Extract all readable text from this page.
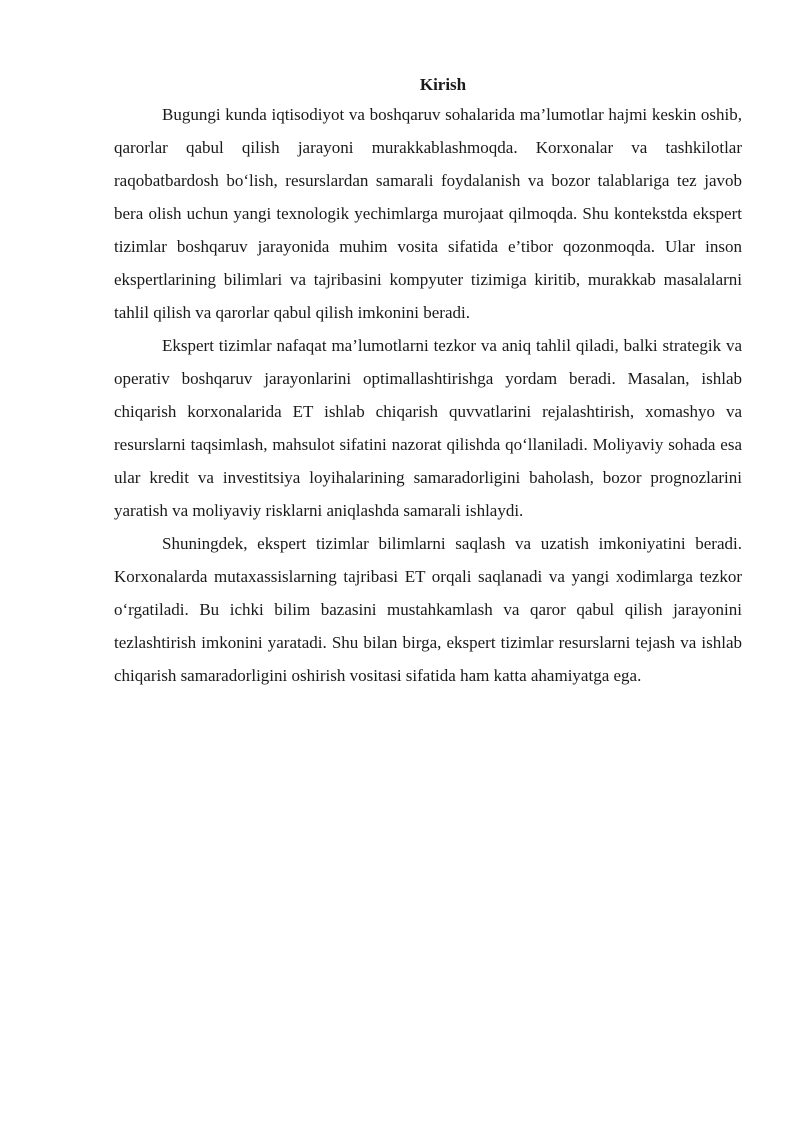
Kirish

Bugungi kunda iqtisodiyot va boshqaruv sohalarida ma’lumotlar hajmi keskin oshib, qarorlar qabul qilish jarayoni murakkablashmoqda. Korxonalar va tashkilotlar raqobatbardosh bo‘lish, resurslardan samarali foydalanish va bozor talablariga tez javob bera olish uchun yangi texnologik yechimlarga murojaat qilmoqda. Shu kontekstda ekspert tizimlar boshqaruv jarayonida muhim vosita sifatida e’tibor qozonmoqda. Ular inson ekspertlarining bilimlari va tajribasini kompyuter tizimiga kiritib, murakkab masalalarni tahlil qilish va qarorlar qabul qilish imkonini beradi.

Ekspert tizimlar nafaqat ma’lumotlarni tezkor va aniq tahlil qiladi, balki strategik va operativ boshqaruv jarayonlarini optimallashtirishga yordam beradi. Masalan, ishlab chiqarish korxonalarida ET ishlab chiqarish quvvatlarini rejalashtirish, xomashyo va resurslarni taqsimlash, mahsulot sifatini nazorat qilishda qo‘llaniladi. Moliyaviy sohada esa ular kredit va investitsiya loyihalarining samaradorligini baholash, bozor prognozlarini yaratish va moliyaviy risklarni aniqlashda samarali ishlaydi.

Shuningdek, ekspert tizimlar bilimlarni saqlash va uzatish imkoniyatini beradi. Korxonalarda mutaxassislarning tajribasi ET orqali saqlanadi va yangi xodimlarga tezkor o‘rgatiladi. Bu ichki bilim bazasini mustahkamlash va qaror qabul qilish jarayonini tezlashtirish imkonini yaratadi. Shu bilan birga, ekspert tizimlar resurslarni tejash va ishlab chiqarish samaradorligini oshirish vositasi sifatida ham katta ahamiyatga ega.
